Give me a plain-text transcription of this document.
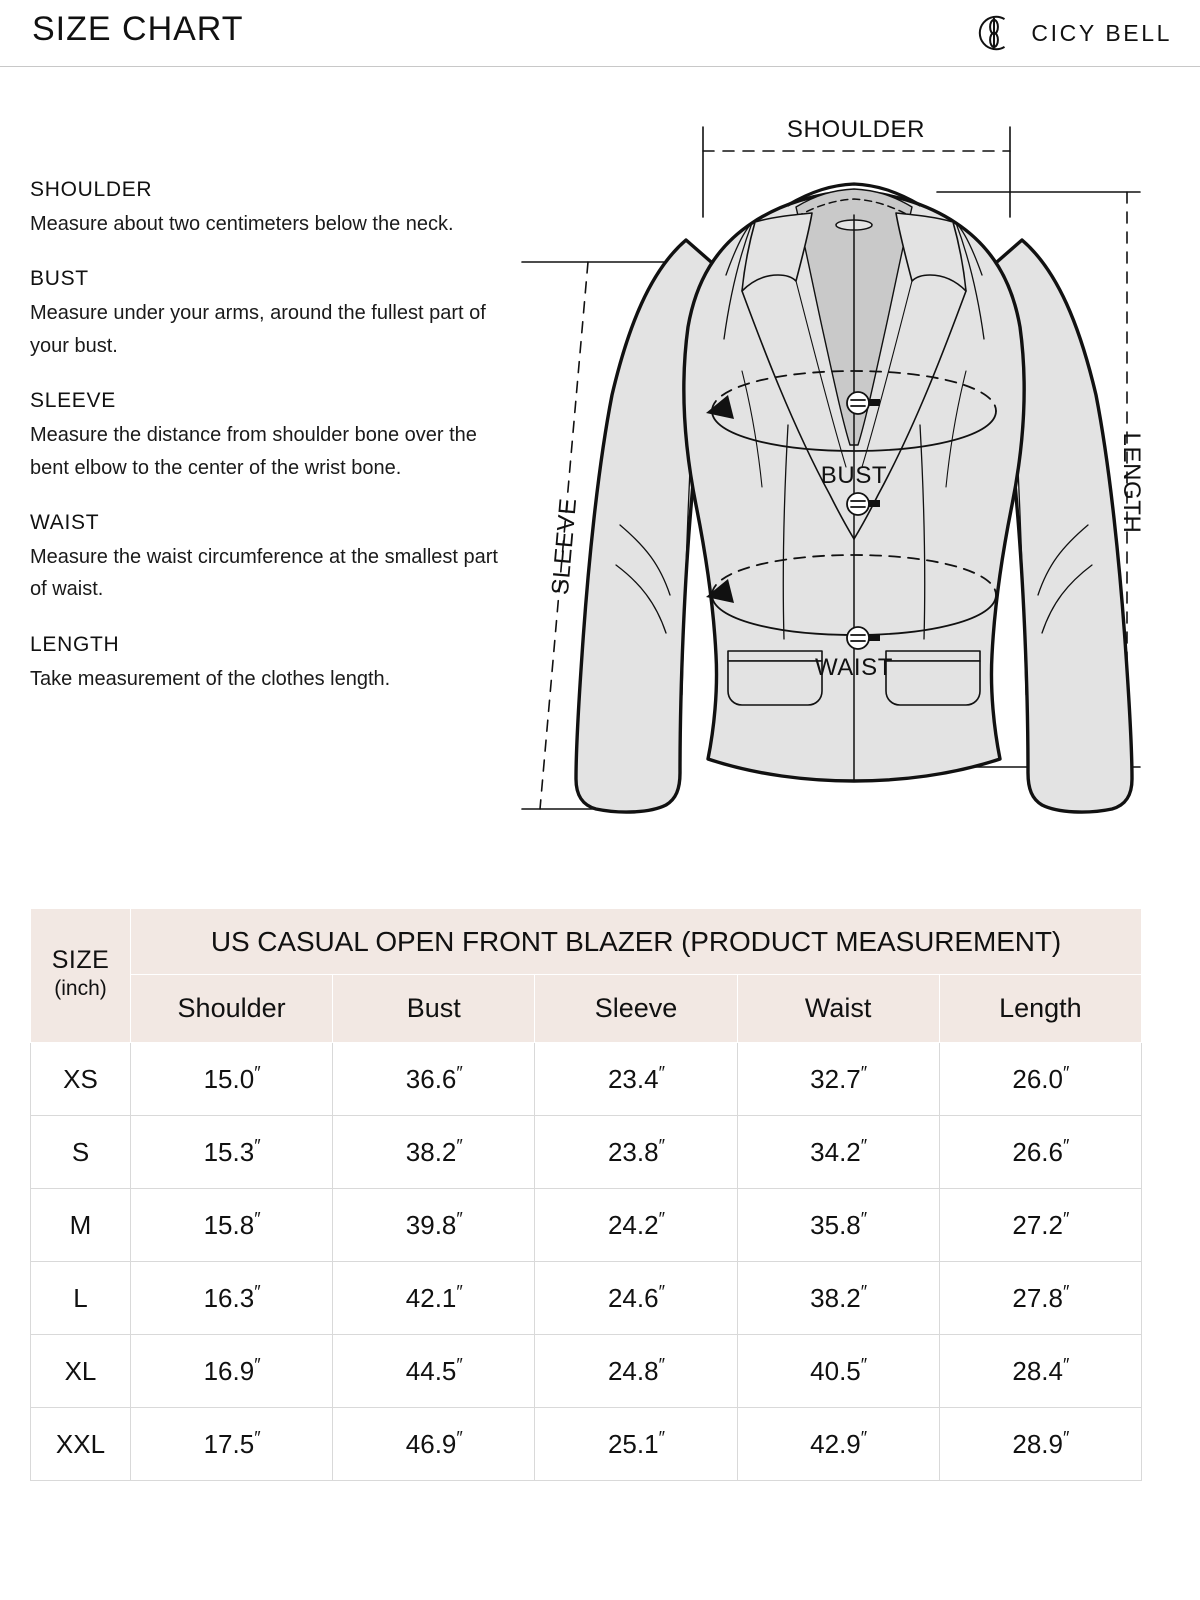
SIZE CHART	CICY BELL
SHOULDER
Measure about two centimeters below the neck.
BUST
Measure under your arms, around the fullest part of your bust.
SLEEVE
Measure the distance from shoulder bone over the bent elbow to the center of the wrist bone.
WAIST
Measure the waist circumference at the smallest part of waist.
LENGTH
Take measurement of the clothes length.
SHOULDER
BUST
WAIST
SLEEVE
LENGTH
SIZE
(inch)	US CASUAL OPEN FRONT BLAZER (PRODUCT MEASUREMENT)				
	Shoulder	Bust	Sleeve	Waist	Length
XS	15.0″	36.6″	23.4″	32.7″	26.0″
S	15.3″	38.2″	23.8″	34.2″	26.6″
M	15.8″	39.8″	24.2″	35.8″	27.2″
L	16.3″	42.1″	24.6″	38.2″	27.8″
XL	16.9″	44.5″	24.8″	40.5″	28.4″
XXL	17.5″	46.9″	25.1″	42.9″	28.9″
